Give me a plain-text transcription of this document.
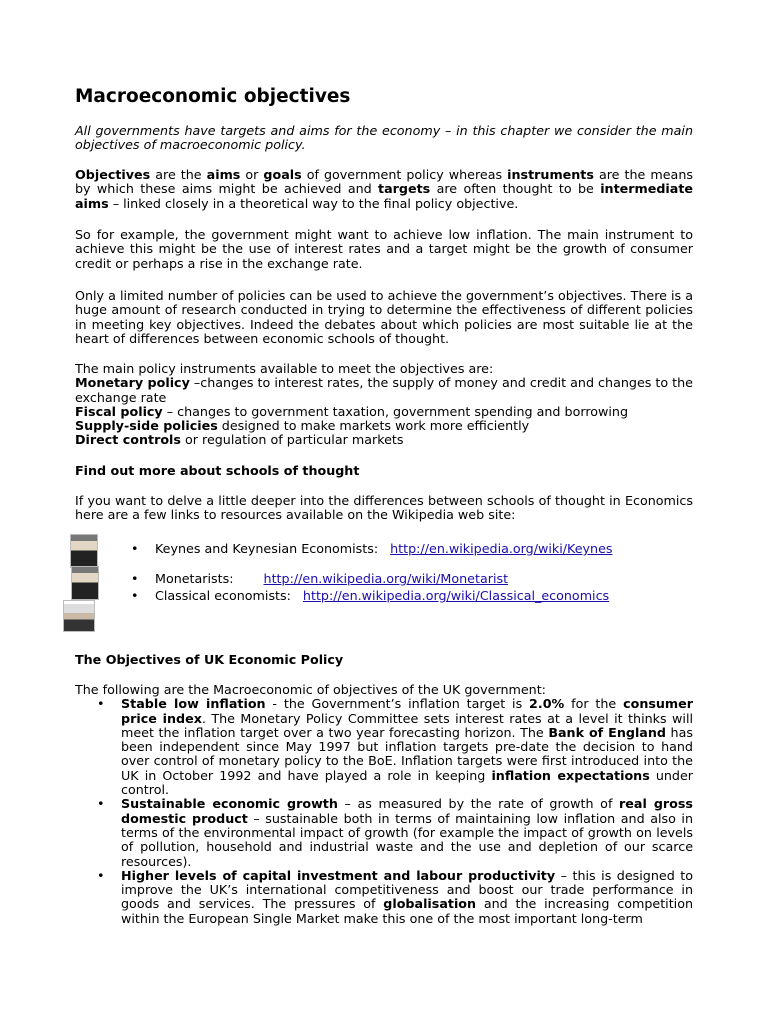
Macroeconomic objectives

All governments have targets and aims for the economy – in this chapter we consider the main objectives of macroeconomic policy.

Objectives are the aims or goals of government policy whereas instruments are the means by which these aims might be achieved and targets are often thought to be intermediate aims – linked closely in a theoretical way to the final policy objective.

So for example, the government might want to achieve low inflation. The main instrument to achieve this might be the use of interest rates and a target might be the growth of consumer credit or perhaps a rise in the exchange rate.

Only a limited number of policies can be used to achieve the government’s objectives. There is a huge amount of research conducted in trying to determine the effectiveness of different policies in meeting key objectives. Indeed the debates about which policies are most suitable lie at the heart of differences between economic schools of thought.

The main policy instruments available to meet the objectives are:

Monetary policy –changes to interest rates, the supply of money and credit and changes to the exchange rate

Fiscal policy – changes to government taxation, government spending and borrowing

Supply-side policies designed to make markets work more efficiently

Direct controls or regulation of particular markets

Find out more about schools of thought

If you want to delve a little deeper into the differences between schools of thought in Economics here are a few links to resources available on the Wikipedia web site:

• Keynes and Keynesian Economists: http://en.wikipedia.org/wiki/Keynes
• Monetarists: http://en.wikipedia.org/wiki/Monetarist
• Classical economists: http://en.wikipedia.org/wiki/Classical_economics
The Objectives of UK Economic Policy

The following are the Macroeconomic of objectives of the UK government:

• Stable low inflation - the Government’s inflation target is 2.0% for the consumer price index. The Monetary Policy Committee sets interest rates at a level it thinks will meet the inflation target over a two year forecasting horizon. The Bank of England has been independent since May 1997 but inflation targets pre-date the decision to hand over control of monetary policy to the BoE. Inflation targets were first introduced into the UK in October 1992 and have played a role in keeping inflation expectations under control.
• Sustainable economic growth – as measured by the rate of growth of real gross domestic product – sustainable both in terms of maintaining low inflation and also in terms of the environmental impact of growth (for example the impact of growth on levels of pollution, household and industrial waste and the use and depletion of our scarce resources).
• Higher levels of capital investment and labour productivity – this is designed to improve the UK’s international competitiveness and boost our trade performance in goods and services. The pressures of globalisation and the increasing competition within the European Single Market make this one of the most important long-term
